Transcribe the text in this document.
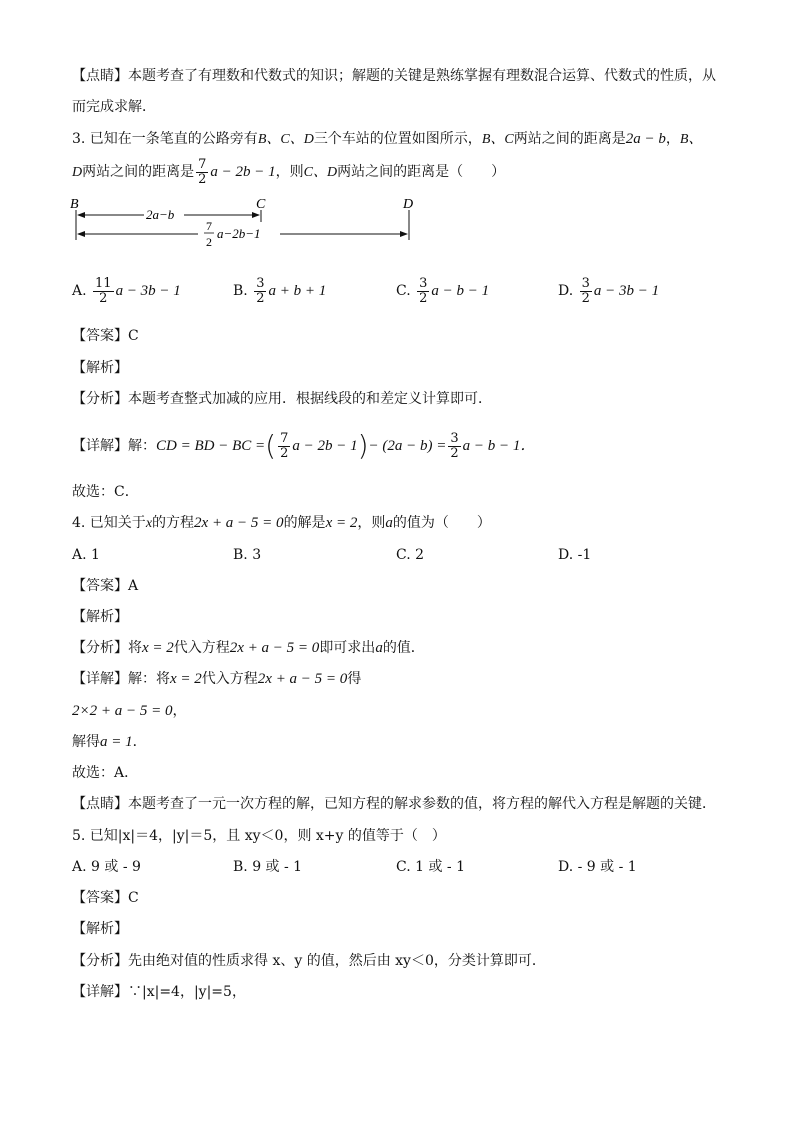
【点睛】本题考查了有理数和代数式的知识；解题的关键是熟练掌握有理数混合运算、代数式的性质，从
而完成求解．
3. 已知在一条笔直的公路旁有B、C、D三个车站的位置如图所示，B、C两站之间的距离是2a − b，B、
D两站之间的距离是 $\frac{7}{2}$ a − 2b − 1，则C、D两站之间的距离是（　　）
B	C	D
2a−b
7
2
a−2b−1
A. $\frac{11}{2}$ a − 3b − 1	B. $\frac{3}{2}$ a + b + 1	C. $\frac{3}{2}$ a − b − 1	D. $\frac{3}{2}$ a − 3b − 1
【答案】C
【解析】
【分析】本题考查整式加减的应用．根据线段的和差定义计算即可．
【详解】解：CD = BD − BC =( $\frac{7}{2}$ $a - 2b - 1)- (2a - b) = \frac{3}{2}$ a − b − 1．
故选：C．
4. 已知关于x的方程2x + a − 5 = 0的解是x = 2，则a的值为（　　）
A. 1	B. 3	C. 2	D. -1
【答案】A
【解析】
【分析】将x = 2代入方程2x + a − 5 = 0即可求出a的值．
【详解】解：将x = 2代入方程2x + a − 5 = 0得
2×2 + a − 5 = 0，
解得a = 1．
故选：A．
【点睛】本题考查了一元一次方程的解，已知方程的解求参数的值，将方程的解代入方程是解题的关键．
5. 已知|x|＝4，|y|＝5，且 xy＜0，则 x+y 的值等于（　）
A. 9 或 - 9	B. 9 或 - 1	C. 1 或 - 1	D. - 9 或 - 1
【答案】C
【解析】
【分析】先由绝对值的性质求得 x、y 的值，然后由 xy＜0，分类计算即可．
【详解】∵|x|=4，|y|=5，
